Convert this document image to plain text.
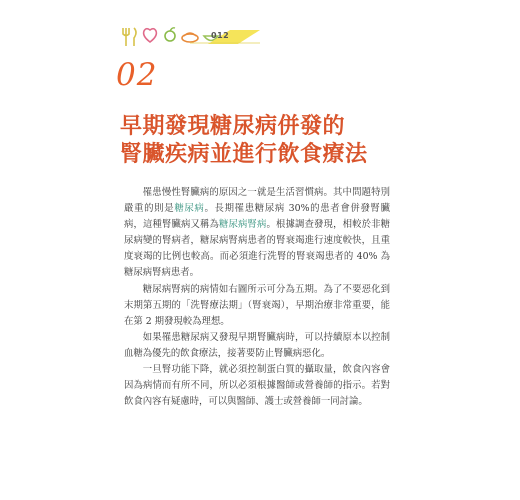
012
02
早期發現糖尿病併發的
腎臟疾病並進行飲食療法

罹患慢性腎臟病的原因之一就是生活習慣病。其中問題特別嚴重的則是糖尿病。長期罹患糖尿病 30%的患者會併發腎臟病，這種腎臟病又稱為糖尿病腎病。根據調查發現，相較於非糖尿病變的腎病者，糖尿病腎病患者的腎衰竭進行速度較快，且重度衰竭的比例也較高。而必須進行洗腎的腎衰竭患者的 40% 為糖尿病腎病患者。

糖尿病腎病的病情如右圖所示可分為五期。為了不要惡化到末期第五期的「洗腎療法期」（腎衰竭），早期治療非常重要，能在第 2 期發現較為理想。

如果罹患糖尿病又發現早期腎臟病時，可以持續原本以控制血糖為優先的飲食療法，接著要防止腎臟病惡化。

一旦腎功能下降，就必須控制蛋白質的攝取量，飲食內容會因為病情而有所不同，所以必須根據醫師或營養師的指示。若對飲食內容有疑慮時，可以與醫師、護士或營養師一同討論。
